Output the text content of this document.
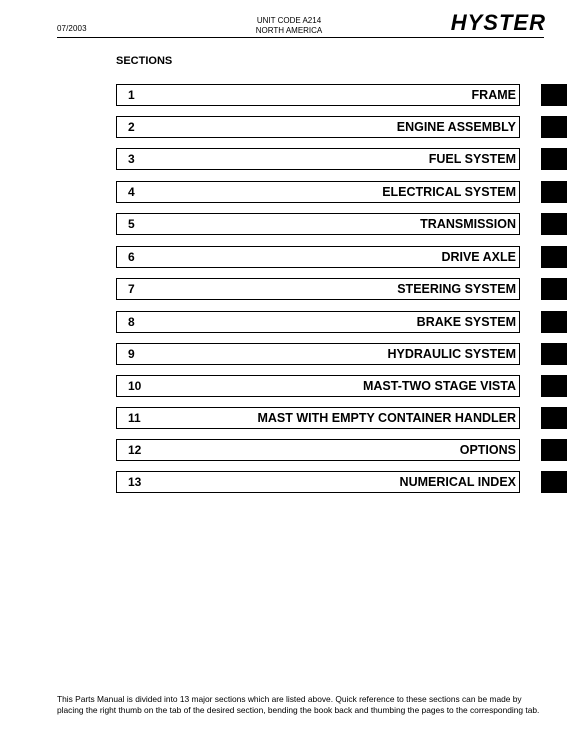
07/2003
UNIT CODE A214
NORTH AMERICA	HYSTER
SECTIONS
1	FRAME
2	ENGINE ASSEMBLY
3	FUEL SYSTEM
4	ELECTRICAL SYSTEM
5	TRANSMISSION
6	DRIVE AXLE
7	STEERING SYSTEM
8	BRAKE SYSTEM
9	HYDRAULIC SYSTEM
10	MAST-TWO STAGE VISTA
11	MAST WITH EMPTY CONTAINER HANDLER
12	OPTIONS
13	NUMERICAL INDEX
This Parts Manual is divided into 13 major sections which are listed above. Quick reference to these sections can be made by placing the right thumb on the tab of the desired section, bending the book back and thumbing the pages to the corresponding tab.
